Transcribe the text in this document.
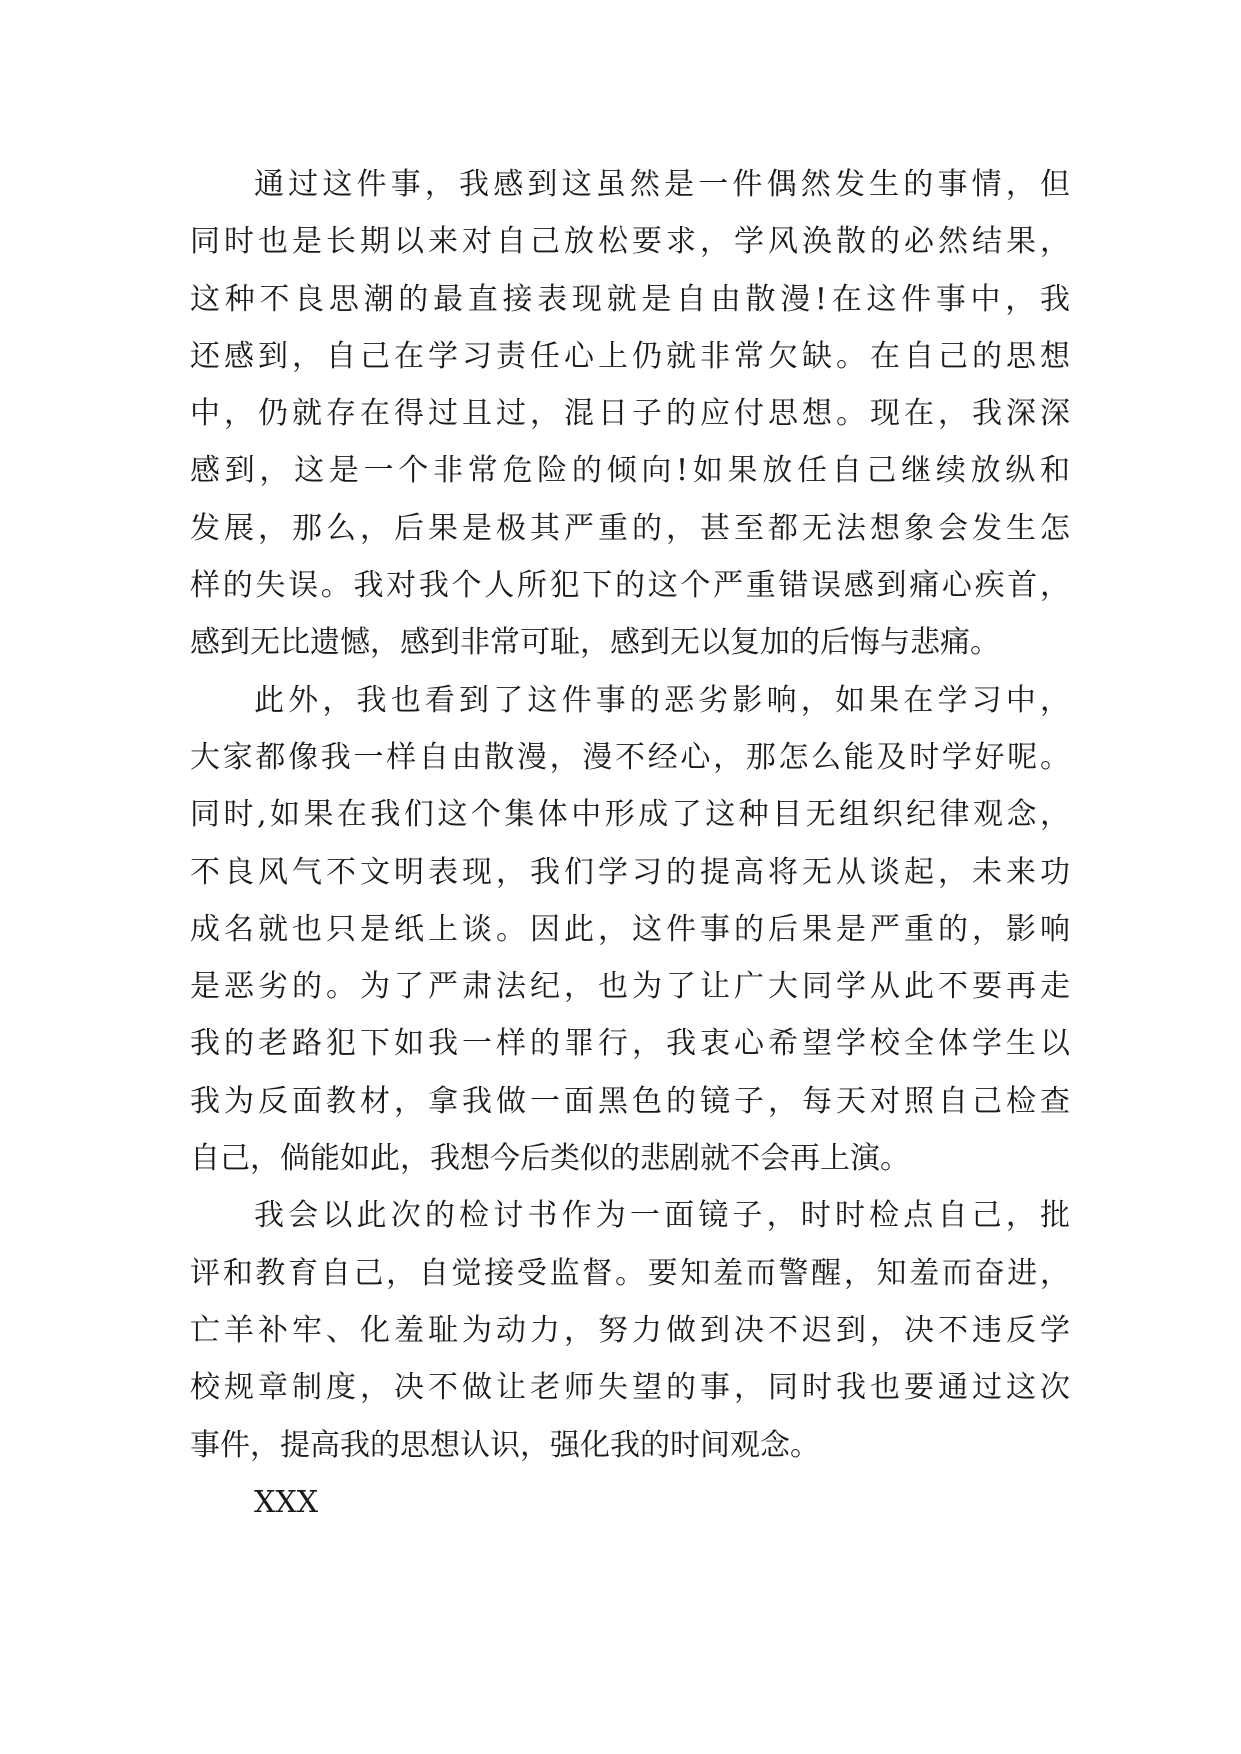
通过这件事，我感到这虽然是一件偶然发生的事情，但
同时也是长期以来对自己放松要求，学风涣散的必然结果，
这种不良思潮的最直接表现就是自由散漫!在这件事中，我
还感到，自己在学习责任心上仍就非常欠缺。在自己的思想
中，仍就存在得过且过，混日子的应付思想。现在，我深深
感到，这是一个非常危险的倾向!如果放任自己继续放纵和
发展，那么，后果是极其严重的，甚至都无法想象会发生怎
样的失误。我对我个人所犯下的这个严重错误感到痛心疾首，
感到无比遗憾，感到非常可耻，感到无以复加的后悔与悲痛。
此外，我也看到了这件事的恶劣影响，如果在学习中，
大家都像我一样自由散漫，漫不经心，那怎么能及时学好呢。
同时,如果在我们这个集体中形成了这种目无组织纪律观念，
不良风气不文明表现，我们学习的提高将无从谈起，未来功
成名就也只是纸上谈。因此，这件事的后果是严重的，影响
是恶劣的。为了严肃法纪，也为了让广大同学从此不要再走
我的老路犯下如我一样的罪行，我衷心希望学校全体学生以
我为反面教材，拿我做一面黑色的镜子，每天对照自己检查
自己，倘能如此，我想今后类似的悲剧就不会再上演。
我会以此次的检讨书作为一面镜子，时时检点自己，批
评和教育自己，自觉接受监督。要知羞而警醒，知羞而奋进，
亡羊补牢、化羞耻为动力，努力做到决不迟到，决不违反学
校规章制度，决不做让老师失望的事，同时我也要通过这次
事件，提高我的思想认识，强化我的时间观念。
XXX
